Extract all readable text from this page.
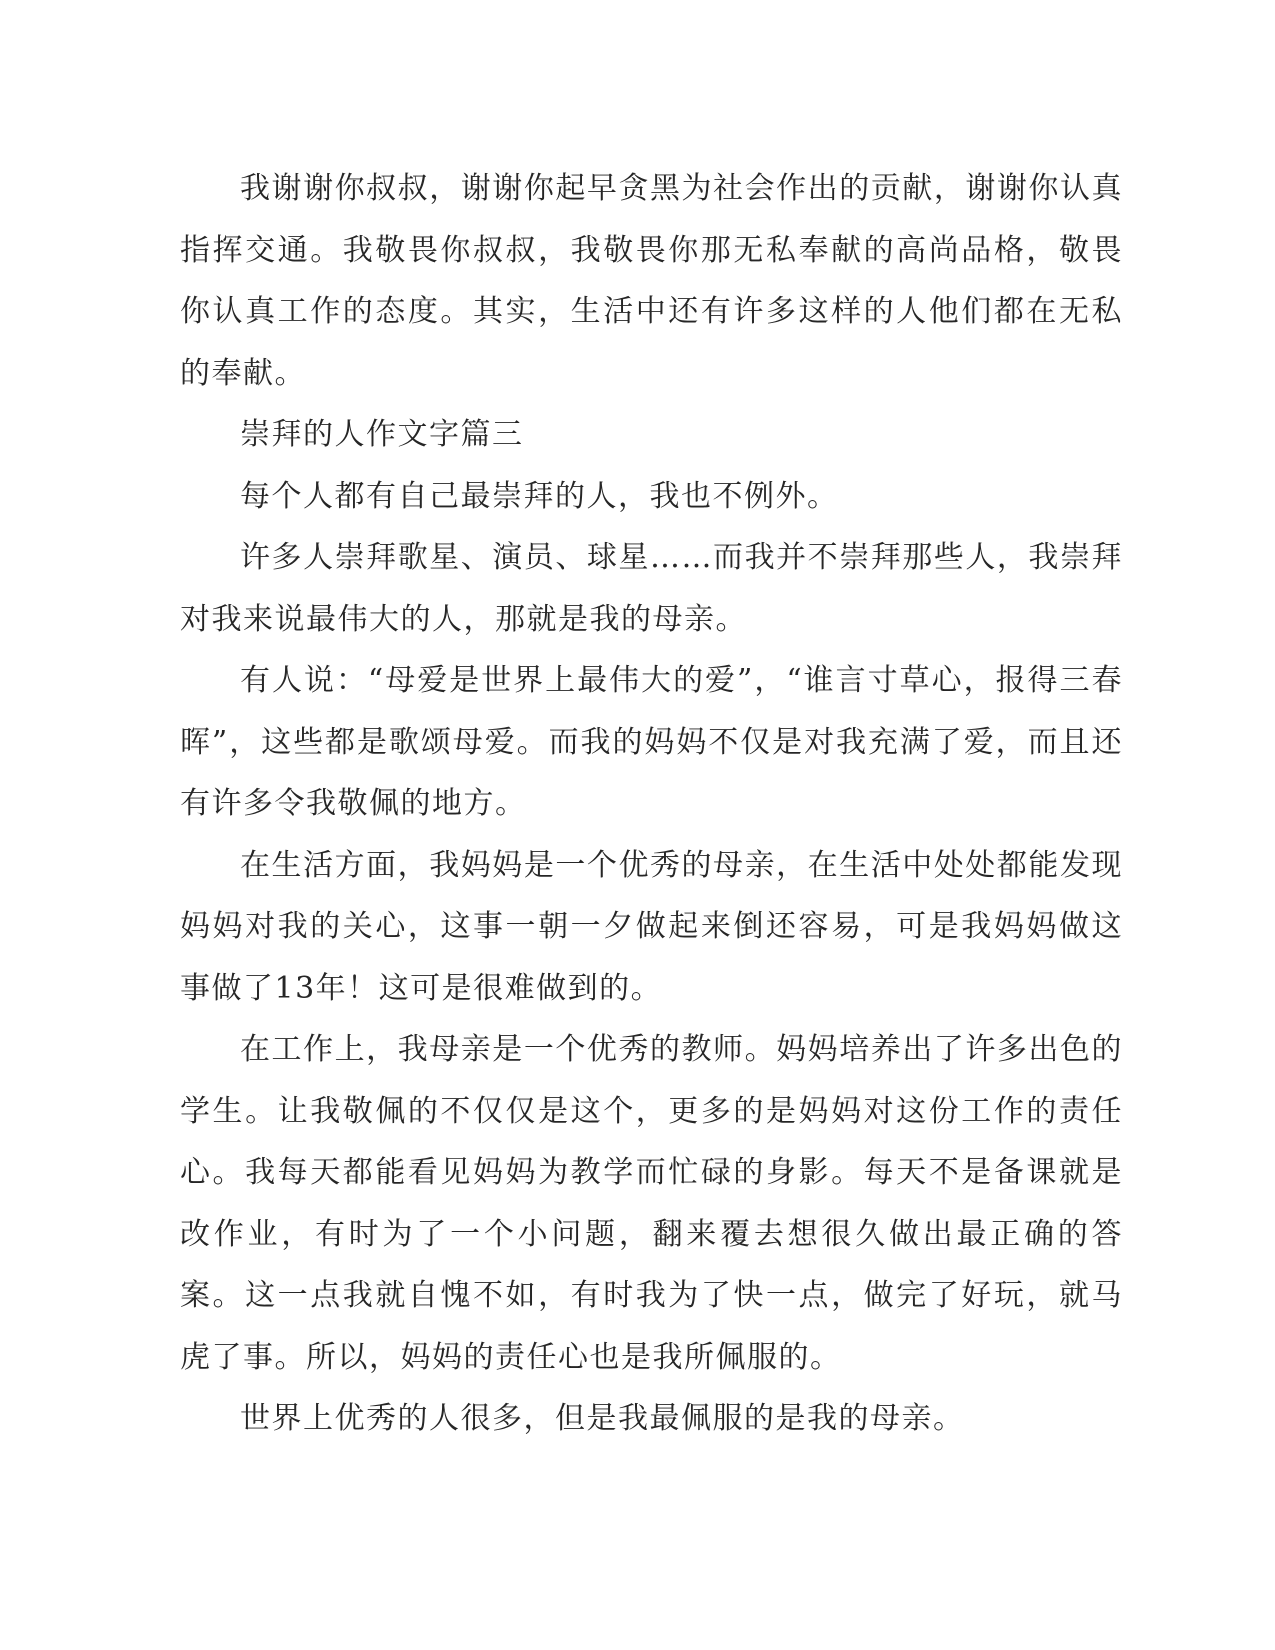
我谢谢你叔叔，谢谢你起早贪黑为社会作出的贡献，谢谢你认真指挥交通。我敬畏你叔叔，我敬畏你那无私奉献的高尚品格，敬畏你认真工作的态度。其实，生活中还有许多这样的人他们都在无私的奉献。

崇拜的人作文字篇三

每个人都有自己最崇拜的人，我也不例外。

许多人崇拜歌星、演员、球星……而我并不崇拜那些人，我崇拜对我来说最伟大的人，那就是我的母亲。

有人说：“母爱是世界上最伟大的爱”，“谁言寸草心，报得三春晖”，这些都是歌颂母爱。而我的妈妈不仅是对我充满了爱，而且还有许多令我敬佩的地方。

在生活方面，我妈妈是一个优秀的母亲，在生活中处处都能发现妈妈对我的关心，这事一朝一夕做起来倒还容易，可是我妈妈做这事做了13年！这可是很难做到的。

在工作上，我母亲是一个优秀的教师。妈妈培养出了许多出色的学生。让我敬佩的不仅仅是这个，更多的是妈妈对这份工作的责任心。我每天都能看见妈妈为教学而忙碌的身影。每天不是备课就是改作业，有时为了一个小问题，翻来覆去想很久做出最正确的答案。这一点我就自愧不如，有时我为了快一点，做完了好玩，就马虎了事。所以，妈妈的责任心也是我所佩服的。

世界上优秀的人很多，但是我最佩服的是我的母亲。
